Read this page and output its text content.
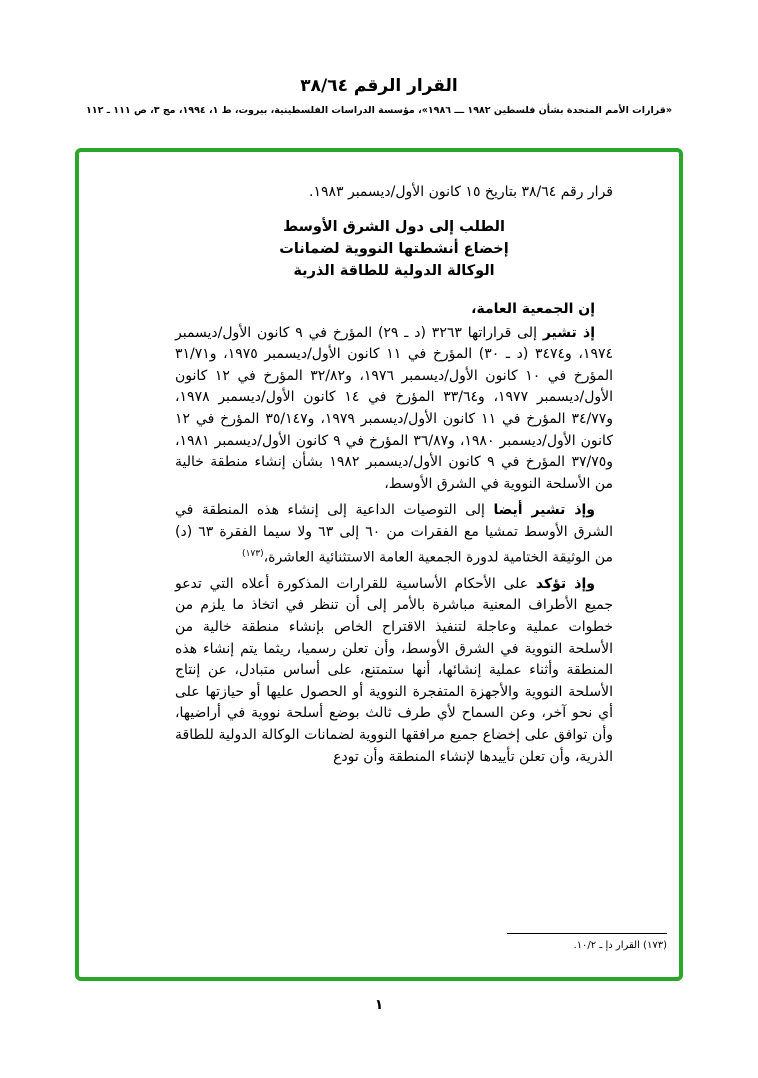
القرار الرقم ٣٨/٦٤
«قرارات الأمم المتحدة بشأن فلسطين ١٩٨٢ ـــ ١٩٨٦»، مؤسسة الدراسات الفلسطينية، بيروت، ط ١، ١٩٩٤، مج ٣، ص ١١١ ـ ١١٢
قرار رقم ٣٨/٦٤ بتاريخ ١٥ كانون الأول/ديسمبر ١٩٨٣.
الطلب إلى دول الشرق الأوسط
إخضاع أنشطتها النووية لضمانات
الوكالة الدولية للطاقة الذرية
إن الجمعية العامة،

إذ تشير إلى قراراتها ٣٢٦٣ (د ـ ٢٩) المؤرخ في ٩ كانون الأول/ديسمبر ١٩٧٤، و٣٤٧٤ (د ـ ٣٠) المؤرخ في ١١ كانون الأول/ديسمبر ١٩٧٥، و٣١/٧١ المؤرخ في ١٠ كانون الأول/ديسمبر ١٩٧٦، و٣٢/٨٢ المؤرخ في ١٢ كانون الأول/ديسمبر ١٩٧٧، و٣٣/٦٤ المؤرخ في ١٤ كانون الأول/ديسمبر ١٩٧٨، و٣٤/٧٧ المؤرخ في ١١ كانون الأول/ديسمبر ١٩٧٩، و٣٥/١٤٧ المؤرخ في ١٢ كانون الأول/ديسمبر ١٩٨٠، و٣٦/٨٧ المؤرخ في ٩ كانون الأول/ديسمبر ١٩٨١، و٣٧/٧٥ المؤرخ في ٩ كانون الأول/ديسمبر ١٩٨٢ بشأن إنشاء منطقة خالية من الأسلحة النووية في الشرق الأوسط،

وإذ تشير أيضا إلى التوصيات الداعية إلى إنشاء هذه المنطقة في الشرق الأوسط تمشيا مع الفقرات من ٦٠ إلى ٦٣ ولا سيما الفقرة ٦٣ (د) من الوثيقة الختامية لدورة الجمعية العامة الاستثنائية العاشرة،$^{(١٧٣)}$

وإذ تؤكد على الأحكام الأساسية للقرارات المذكورة أعلاه التي تدعو جميع الأطراف المعنية مباشرة بالأمر إلى أن تنظر في اتخاذ ما يلزم من خطوات عملية وعاجلة لتنفيذ الاقتراح الخاص بإنشاء منطقة خالية من الأسلحة النووية في الشرق الأوسط، وأن تعلن رسميا، ريثما يتم إنشاء هذه المنطقة وأثناء عملية إنشائها، أنها ستمتنع، على أساس متبادل، عن إنتاج الأسلحة النووية والأجهزة المتفجرة النووية أو الحصول عليها أو حيازتها على أي نحو آخر، وعن السماح لأي طرف ثالث بوضع أسلحة نووية في أراضيها، وأن توافق على إخضاع جميع مرافقها النووية لضمانات الوكالة الدولية للطاقة الذرية، وأن تعلن تأييدها لإنشاء المنطقة وأن تودع

(١٧٣) القرار دإ ـ ١٠/٢.
١
